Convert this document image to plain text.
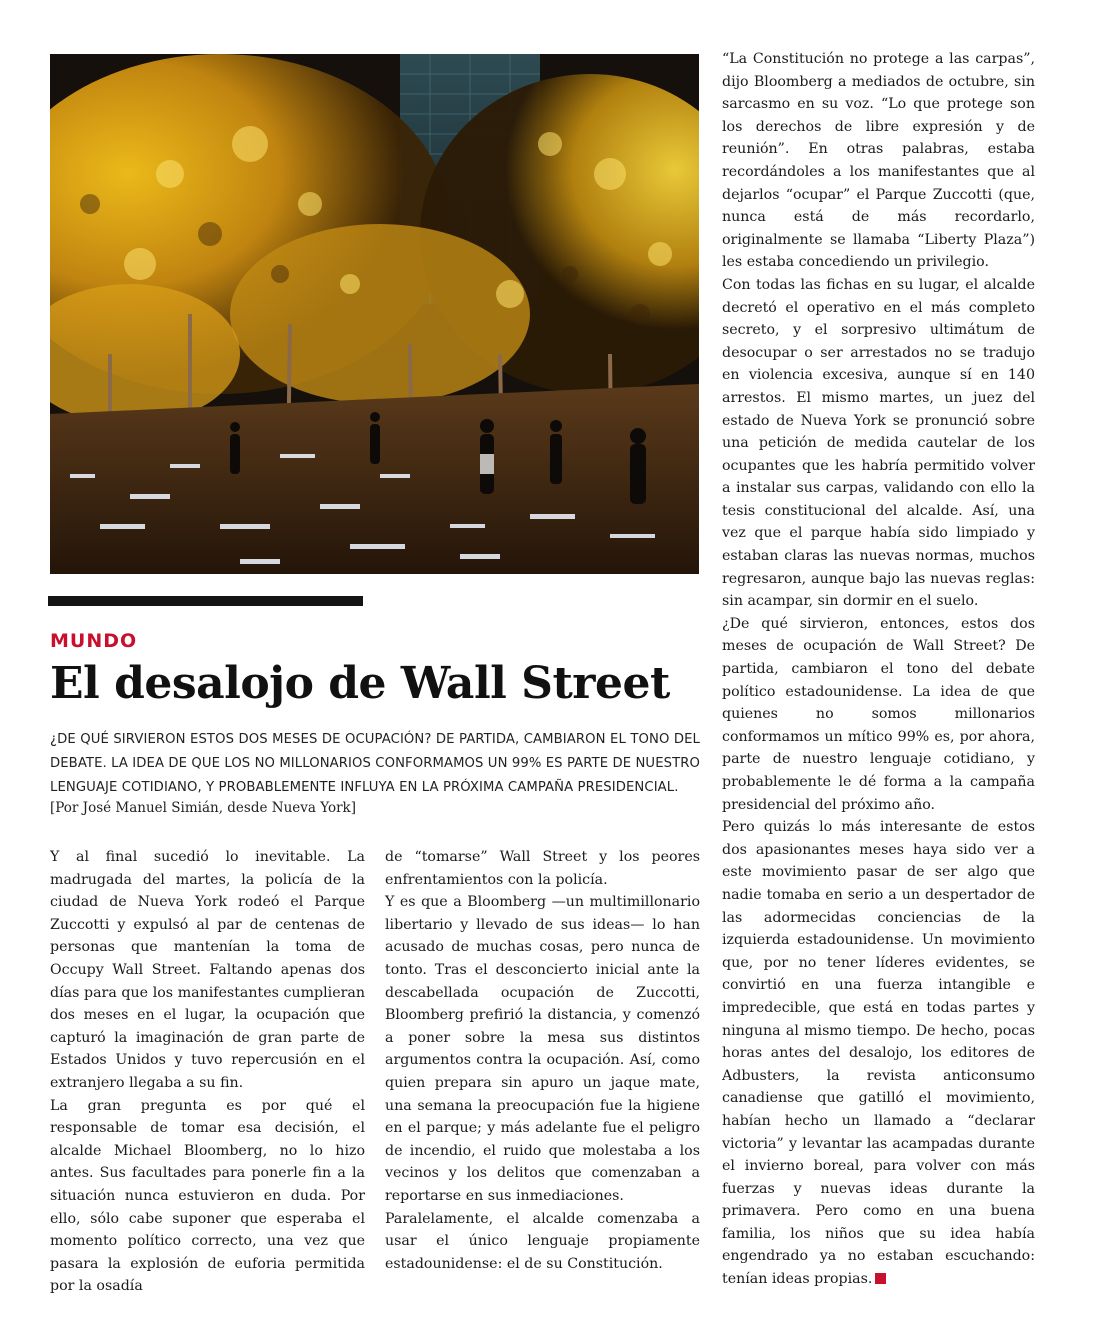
MUNDO
El desalojo de Wall Street

¿DE QUÉ SIRVIERON ESTOS DOS MESES DE OCUPACIÓN? DE PARTIDA, CAMBIARON EL TONO DEL DEBATE. LA IDEA DE QUE LOS NO MILLONARIOS CONFORMAMOS UN 99% ES PARTE DE NUESTRO LENGUAJE COTIDIANO, Y PROBABLEMENTE INFLUYA EN LA PRÓXIMA CAMPAÑA PRESIDENCIAL.

[Por José Manuel Simián, desde Nueva York]

Y al final sucedió lo inevitable. La madrugada del martes, la policía de la ciudad de Nueva York rodeó el Parque Zuccotti y expulsó al par de centenas de personas que mantenían la toma de Occupy Wall Street. Faltando apenas dos días para que los manifestantes cumplieran dos meses en el lugar, la ocupación que capturó la imaginación de gran parte de Estados Unidos y tuvo repercusión en el extranjero llegaba a su fin.

La gran pregunta es por qué el responsable de tomar esa decisión, el alcalde Michael Bloomberg, no lo hizo antes. Sus facultades para ponerle fin a la situación nunca estuvieron en duda. Por ello, sólo cabe suponer que esperaba el momento político correcto, una vez que pasara la explosión de euforia permitida por la osadía

de “tomarse” Wall Street y los peores enfrentamientos con la policía.

Y es que a Bloomberg —un multimillonario libertario y llevado de sus ideas— lo han acusado de muchas cosas, pero nunca de tonto. Tras el desconcierto inicial ante la descabellada ocupación de Zuccotti, Bloomberg prefirió la distancia, y comenzó a poner sobre la mesa sus distintos argumentos contra la ocupación. Así, como quien prepara sin apuro un jaque mate, una semana la preocupación fue la higiene en el parque; y más adelante fue el peligro de incendio, el ruido que molestaba a los vecinos y los delitos que comenzaban a reportarse en sus inmediaciones.

Paralelamente, el alcalde comenzaba a usar el único lenguaje propiamente estadounidense: el de su Constitución.

“La Constitución no protege a las carpas”, dijo Bloomberg a mediados de octubre, sin sarcasmo en su voz. “Lo que protege son los derechos de libre expresión y de reunión”. En otras palabras, estaba recordándoles a los manifestantes que al dejarlos “ocupar” el Parque Zuccotti (que, nunca está de más recordarlo, originalmente se llamaba “Liberty Plaza”) les estaba concediendo un privilegio.

Con todas las fichas en su lugar, el alcalde decretó el operativo en el más completo secreto, y el sorpresivo ultimátum de desocupar o ser arrestados no se tradujo en violencia excesiva, aunque sí en 140 arrestos. El mismo martes, un juez del estado de Nueva York se pronunció sobre una petición de medida cautelar de los ocupantes que les habría permitido volver a instalar sus carpas, validando con ello la tesis constitucional del alcalde. Así, una vez que el parque había sido limpiado y estaban claras las nuevas normas, muchos regresaron, aunque bajo las nuevas reglas: sin acampar, sin dormir en el suelo.

¿De qué sirvieron, entonces, estos dos meses de ocupación de Wall Street? De partida, cambiaron el tono del debate político estadounidense. La idea de que quienes no somos millonarios conformamos un mítico 99% es, por ahora, parte de nuestro lenguaje cotidiano, y probablemente le dé forma a la campaña presidencial del próximo año.

Pero quizás lo más interesante de estos dos apasionantes meses haya sido ver a este movimiento pasar de ser algo que nadie tomaba en serio a un despertador de las adormecidas conciencias de la izquierda estadounidense. Un movimiento que, por no tener líderes evidentes, se convirtió en una fuerza intangible e impredecible, que está en todas partes y ninguna al mismo tiempo. De hecho, pocas horas antes del desalojo, los editores de Adbusters, la revista anticonsumo canadiense que gatilló el movimiento, habían hecho un llamado a “declarar victoria” y levantar las acampadas durante el invierno boreal, para volver con más fuerzas y nuevas ideas durante la primavera. Pero como en una buena familia, los niños que su idea había engendrado ya no estaban escuchando: tenían ideas propias.
